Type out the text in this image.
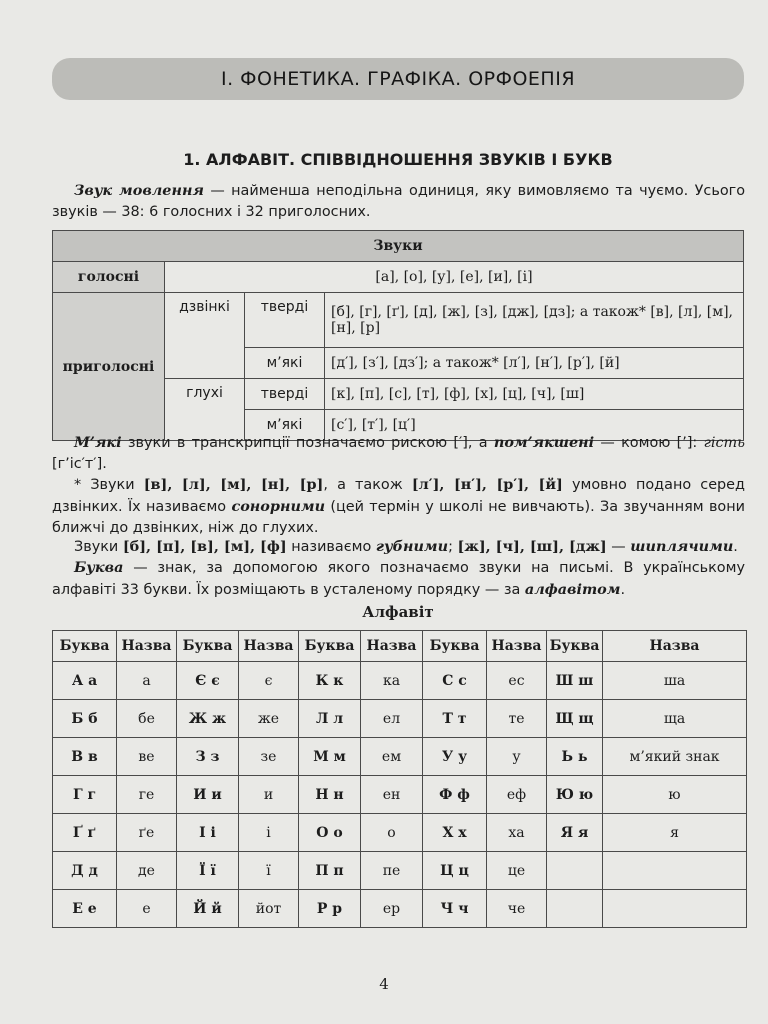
І. ФОНЕТИКА. ГРАФІКА. ОРФОЕПІЯ
1. АЛФАВІТ. СПІВВІДНОШЕННЯ ЗВУКІВ І БУКВ
Звук мовлення — найменша неподільна одиниця, яку вимовляємо та чуємо. Усього звуків — 38: 6 голосних і 32 приголосних.
Звуки			
голосні	[а], [о], [у], [е], [и], [і]		
приголосні	дзвінкі	тверді	[б], [г], [ґ], [д], [ж], [з], [дж], [дз]; а також* [в], [л], [м], [н], [р]
		м’які	[д′], [з′], [дз′]; а також* [л′], [н′], [р′], [й]
	глухі	тверді	[к], [п], [с], [т], [ф], [х], [ц], [ч], [ш]
		м’які	[с′], [т′], [ц′]
М’які звуки в транскрипції позначаємо рискою [′], а пом’якшені — комою [’]: гість [г’іс′т′].
* Звуки [в], [л], [м], [н], [р], а також [л′], [н′], [р′], [й] умовно подано серед дзвінких. Їх називаємо сонорними (цей термін у школі не вивчають). За звучанням вони ближчі до дзвінких, ніж до глухих.
Звуки [б], [п], [в], [м], [ф] називаємо губними; [ж], [ч], [ш], [дж] — шиплячими.
Буква — знак, за допомогою якого позначаємо звуки на письмі. В українському алфавіті 33 букви. Їх розміщають в усталеному порядку — за алфавітом.
Алфавіт
Буква	Назва	Буква	Назва	Буква	Назва	Буква	Назва	Буква	Назва
А а	а	Є є	є	К к	ка	С с	ес	Ш ш	ша
Б б	бе	Ж ж	же	Л л	ел	Т т	те	Щ щ	ща
В в	ве	З з	зе	М м	ем	У у	у	Ь ь	м’який знак
Г г	ге	И и	и	Н н	ен	Ф ф	еф	Ю ю	ю
Ґ ґ	ґе	І і	і	О о	о	Х х	ха	Я я	я
Д д	де	Ї ї	ї	П п	пе	Ц ц	це		
Е е	е	Й й	йот	Р р	ер	Ч ч	че		
4
